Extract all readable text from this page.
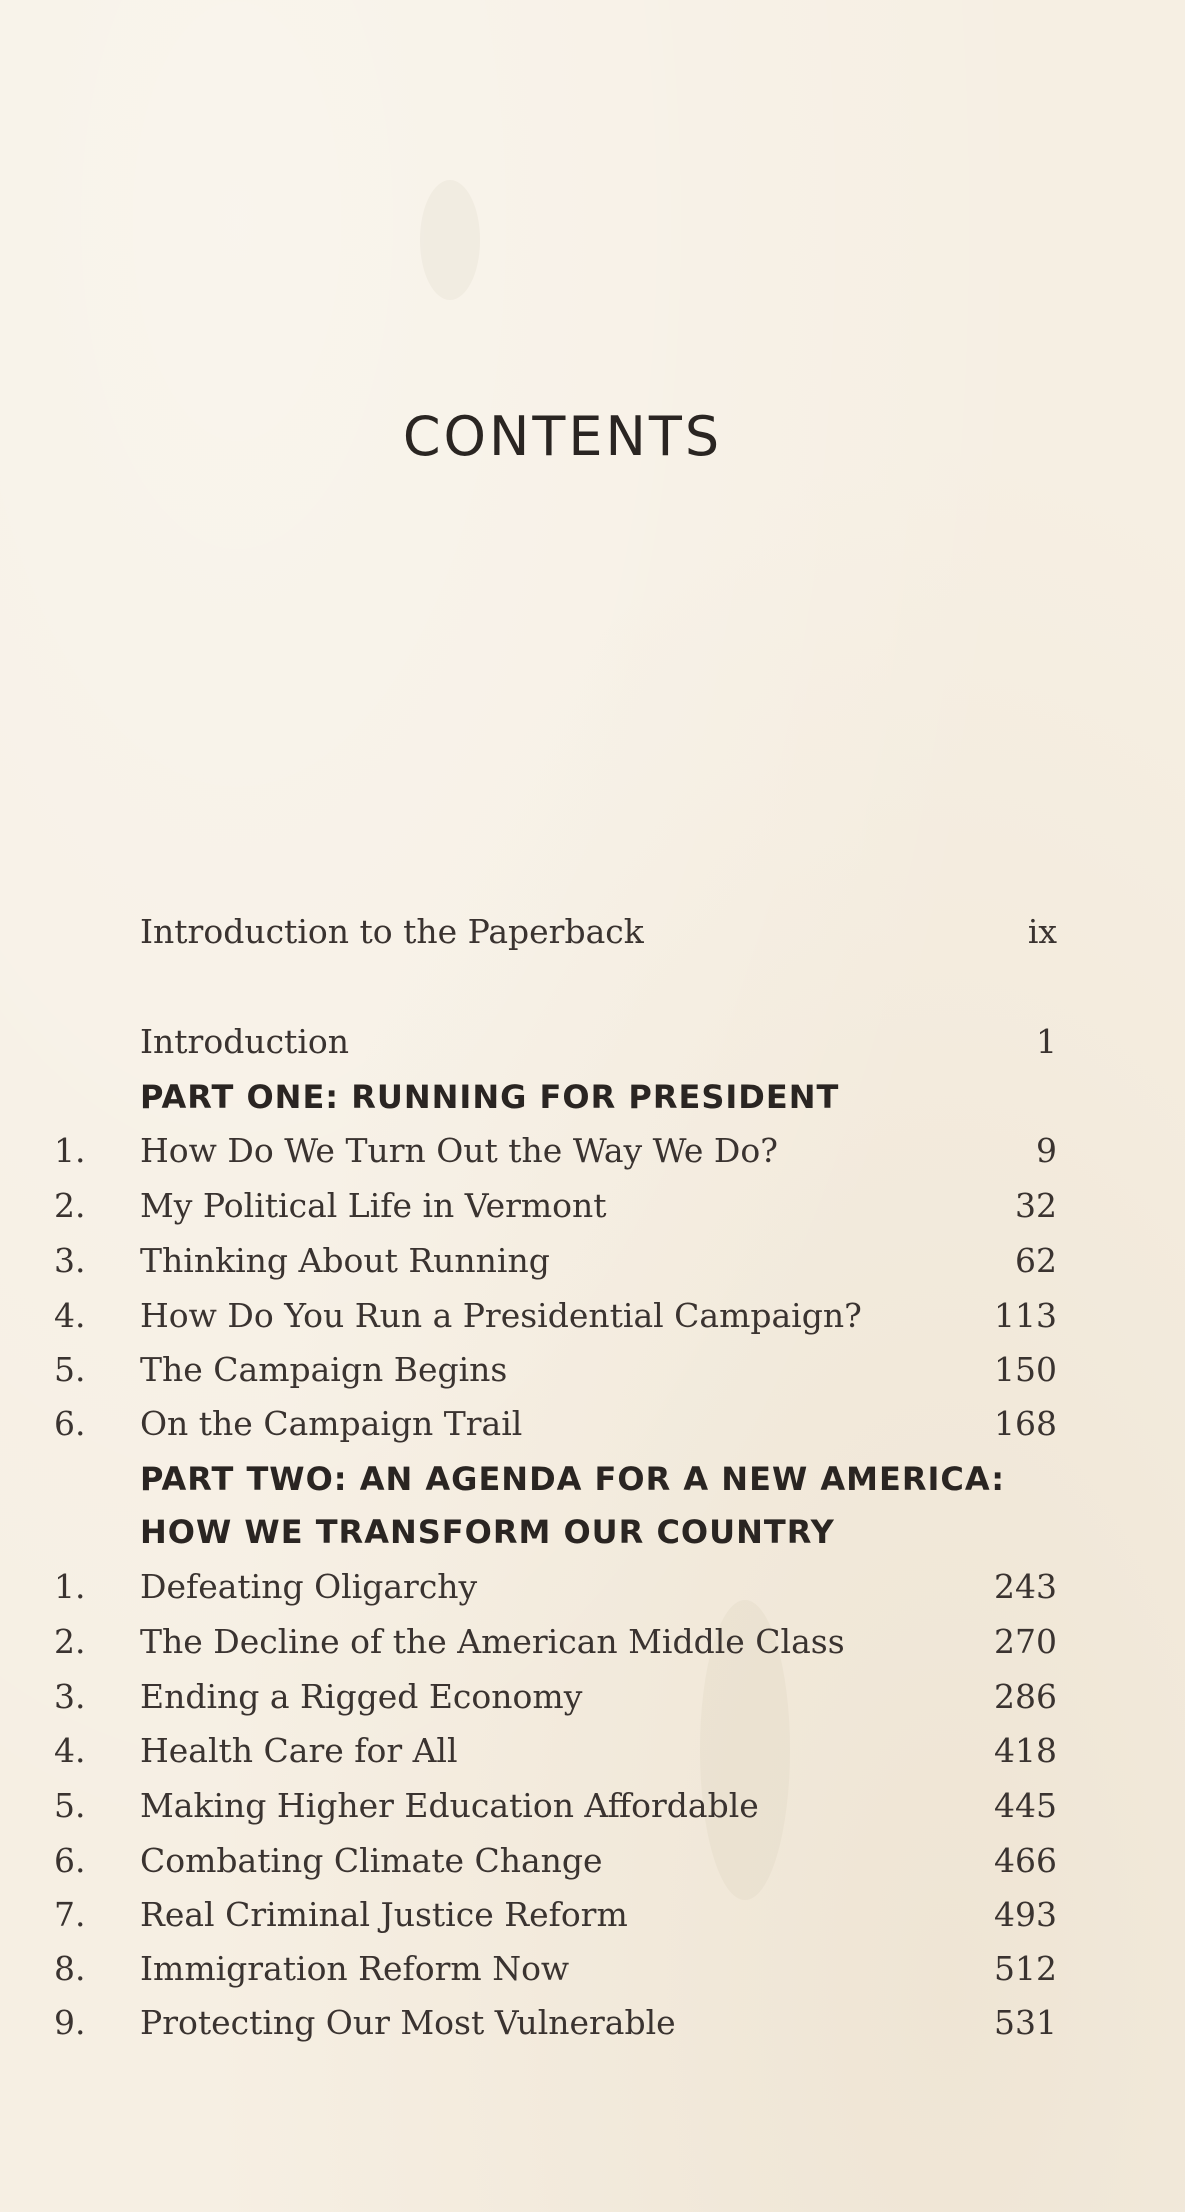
CONTENTS
Introduction to the Paperback	ix
Introduction	1
PART ONE: RUNNING FOR PRESIDENT
1. How Do We Turn Out the Way We Do?	9
2. My Political Life in Vermont	32
3. Thinking About Running	62
4. How Do You Run a Presidential Campaign?	113
5. The Campaign Begins	150
6. On the Campaign Trail	168
PART TWO: AN AGENDA FOR A NEW AMERICA:
HOW WE TRANSFORM OUR COUNTRY
1. Defeating Oligarchy	243
2. The Decline of the American Middle Class	270
3. Ending a Rigged Economy	286
4. Health Care for All	418
5. Making Higher Education Affordable	445
6. Combating Climate Change	466
7. Real Criminal Justice Reform	493
8. Immigration Reform Now	512
9. Protecting Our Most Vulnerable	531
